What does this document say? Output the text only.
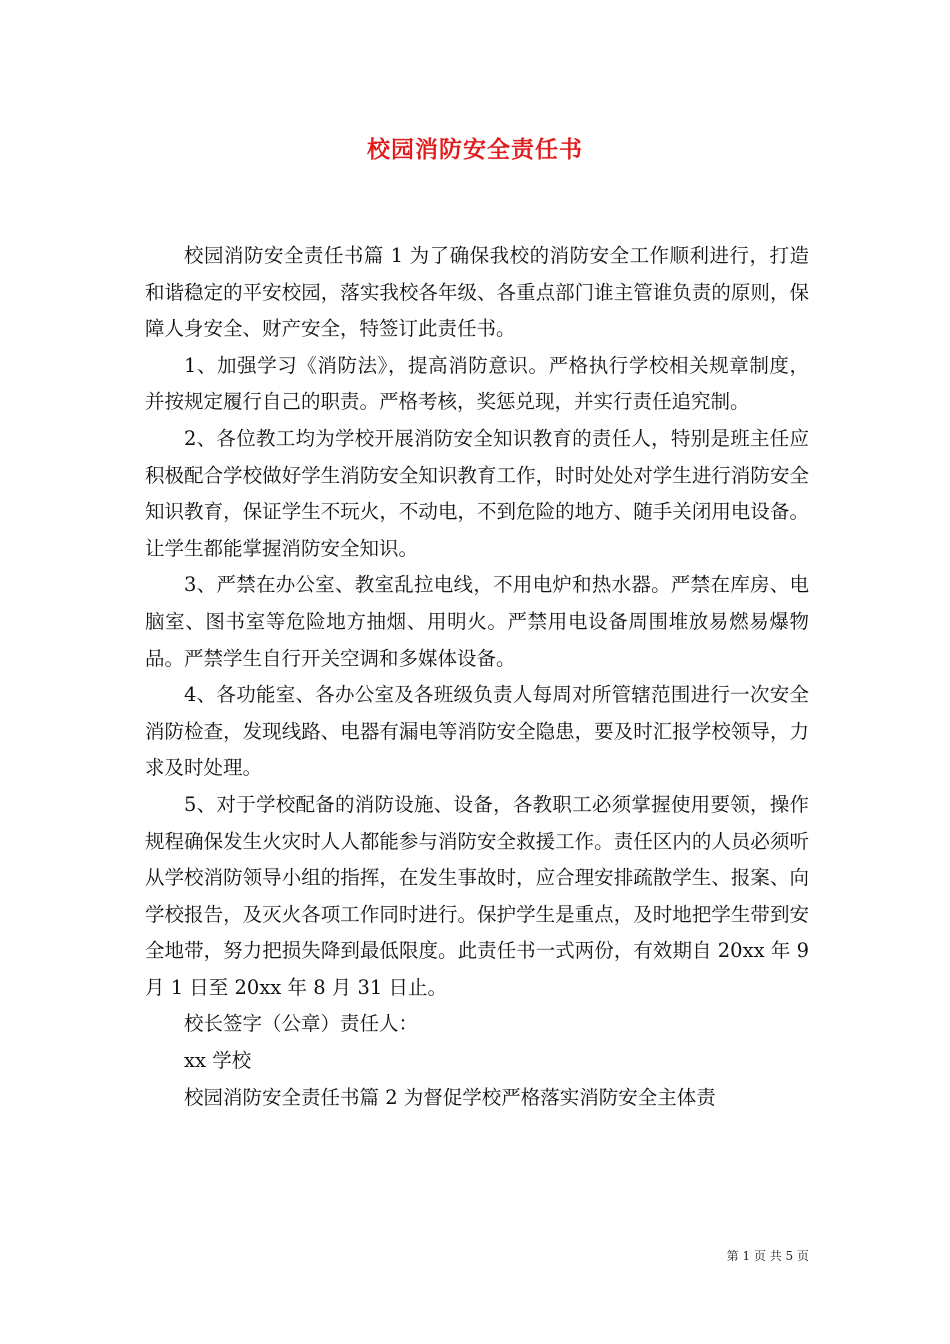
校园消防安全责任书

校园消防安全责任书篇 1 为了确保我校的消防安全工作顺利进行，打造和谐稳定的平安校园，落实我校各年级、各重点部门谁主管谁负责的原则，保障人身安全、财产安全，特签订此责任书。

1、加强学习《消防法》，提高消防意识。严格执行学校相关规章制度，并按规定履行自己的职责。严格考核，奖惩兑现，并实行责任追究制。

2、各位教工均为学校开展消防安全知识教育的责任人，特别是班主任应积极配合学校做好学生消防安全知识教育工作，时时处处对学生进行消防安全知识教育，保证学生不玩火，不动电，不到危险的地方、随手关闭用电设备。让学生都能掌握消防安全知识。

3、严禁在办公室、教室乱拉电线，不用电炉和热水器。严禁在库房、电脑室、图书室等危险地方抽烟、用明火。严禁用电设备周围堆放易燃易爆物品。严禁学生自行开关空调和多媒体设备。

4、各功能室、各办公室及各班级负责人每周对所管辖范围进行一次安全消防检查，发现线路、电器有漏电等消防安全隐患，要及时汇报学校领导，力求及时处理。

5、对于学校配备的消防设施、设备，各教职工必须掌握使用要领，操作规程确保发生火灾时人人都能参与消防安全救援工作。责任区内的人员必须听从学校消防领导小组的指挥，在发生事故时，应合理安排疏散学生、报案、向学校报告，及灭火各项工作同时进行。保护学生是重点，及时地把学生带到安全地带，努力把损失降到最低限度。此责任书一式两份，有效期自 20xx 年 9 月 1 日至 20xx 年 8 月 31 日止。

校长签字（公章）责任人：

xx 学校

校园消防安全责任书篇 2 为督促学校严格落实消防安全主体责

第 1 页 共 5 页
